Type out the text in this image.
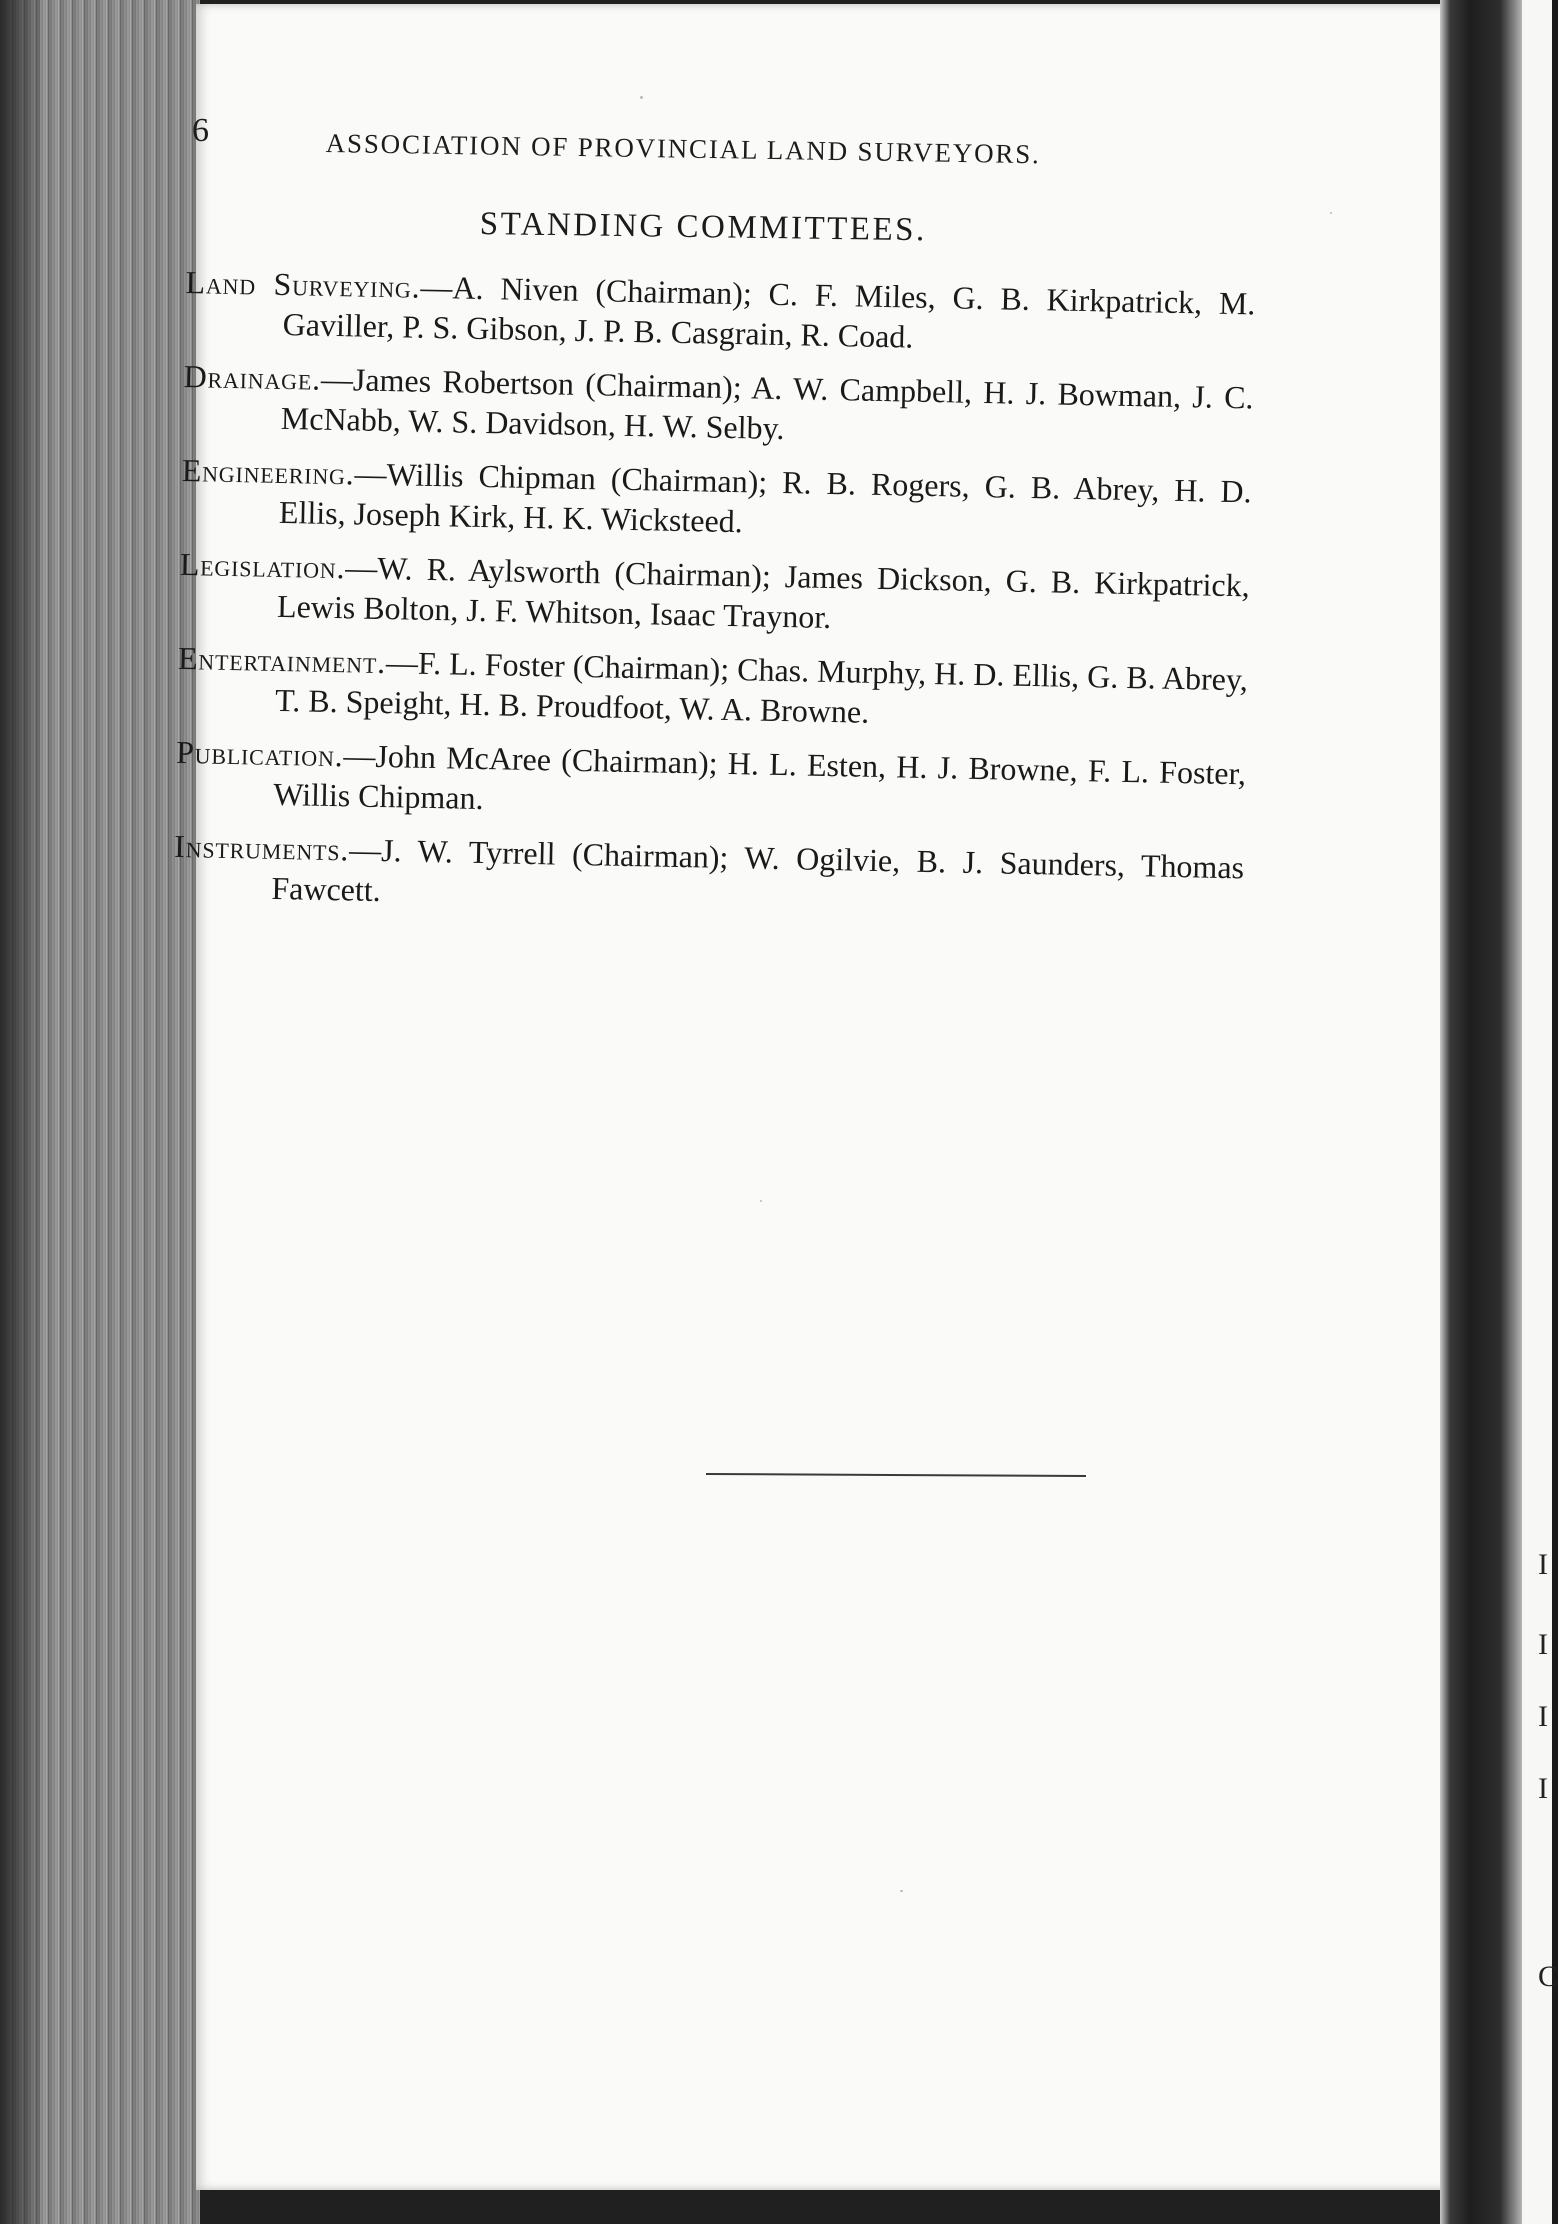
I
I
I
I
C
6	ASSOCIATION OF PROVINCIAL LAND SURVEYORS.
STANDING COMMITTEES.

Land Surveying.—A. Niven (Chairman); C. F. Miles, G. B. Kirkpatrick, M. Gaviller, P. S. Gibson, J. P. B. Casgrain, R. Coad.

Drainage.—James Robertson (Chairman); A. W. Campbell, H. J. Bowman, J. C. McNabb, W. S. Davidson, H. W. Selby.

Engineering.—Willis Chipman (Chairman); R. B. Rogers, G. B. Abrey, H. D. Ellis, Joseph Kirk, H. K. Wicksteed.

Legislation.—W. R. Aylsworth (Chairman); James Dickson, G. B. Kirkpatrick, Lewis Bolton, J. F. Whitson, Isaac Traynor.

Entertainment.—F. L. Foster (Chairman); Chas. Murphy, H. D. Ellis, G. B. Abrey, T. B. Speight, H. B. Proudfoot, W. A. Browne.

Publication.—John McAree (Chairman); H. L. Esten, H. J. Browne, F. L. Foster, Willis Chipman.

Instruments.—J. W. Tyrrell (Chairman); W. Ogilvie, B. J. Saunders, Thomas Fawcett.
